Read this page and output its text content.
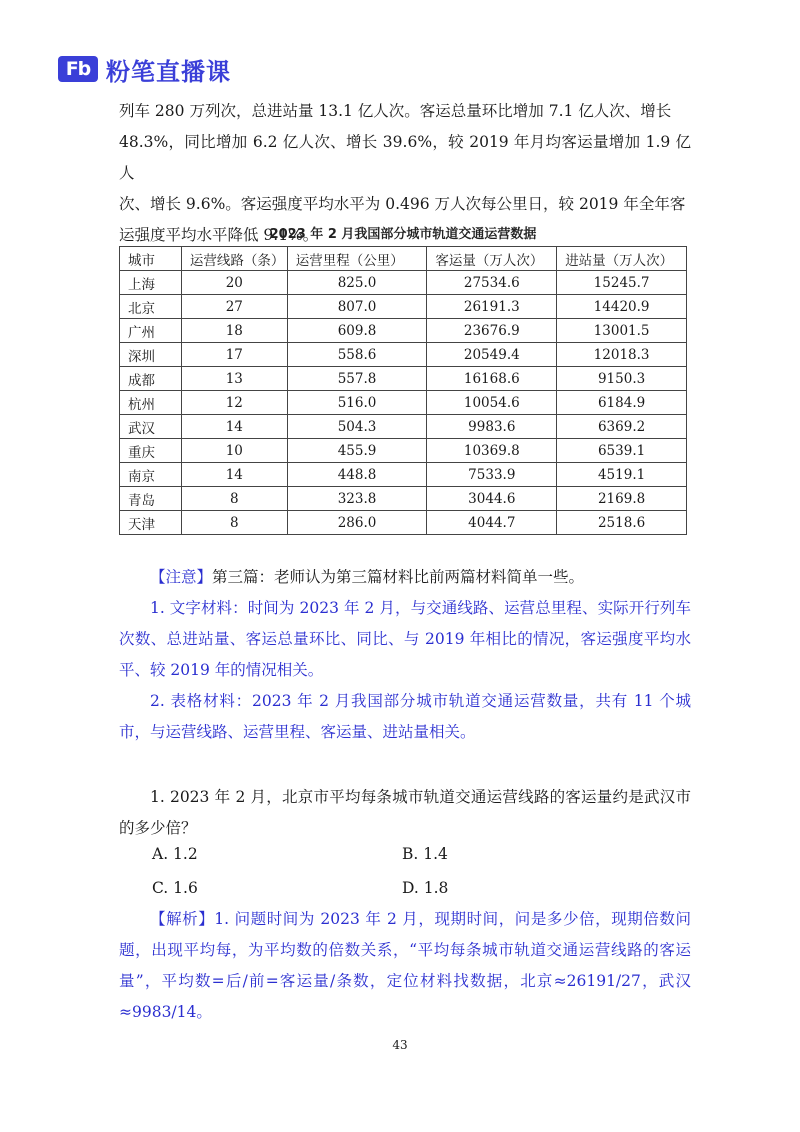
Fb 粉笔直播课

列车 280 万列次，总进站量 13.1 亿人次。客运总量环比增加 7.1 亿人次、增长

48.3%，同比增加 6.2 亿人次、增长 39.6%，较 2019 年月均客运量增加 1.9 亿人

次、增长 9.6%。客运强度平均水平为 0.496 万人次每公里日，较 2019 年全年客

运强度平均水平降低 9.1%。

2023 年 2 月我国部分城市轨道交通运营数据
城市	运营线路（条）	运营里程（公里）	客运量（万人次）	进站量（万人次）
上海	20	825.0	27534.6	15245.7
北京	27	807.0	26191.3	14420.9
广州	18	609.8	23676.9	13001.5
深圳	17	558.6	20549.4	12018.3
成都	13	557.8	16168.6	9150.3
杭州	12	516.0	10054.6	6184.9
武汉	14	504.3	9983.6	6369.2
重庆	10	455.9	10369.8	6539.1
南京	14	448.8	7533.9	4519.1
青岛	8	323.8	3044.6	2169.8
天津	8	286.0	4044.7	2518.6

【注意】第三篇：老师认为第三篇材料比前两篇材料简单一些。

1. 文字材料：时间为 2023 年 2 月，与交通线路、运营总里程、实际开行列车次数、总进站量、客运总量环比、同比、与 2019 年相比的情况，客运强度平均水平、较 2019 年的情况相关。

2. 表格材料：2023 年 2 月我国部分城市轨道交通运营数量，共有 11 个城市，与运营线路、运营里程、客运量、进站量相关。

1. 2023 年 2 月，北京市平均每条城市轨道交通运营线路的客运量约是武汉市的多少倍？

A. 1.2	B. 1.4
C. 1.6	D. 1.8

【解析】1. 问题时间为 2023 年 2 月，现期时间，问是多少倍，现期倍数问题，出现平均每，为平均数的倍数关系，“平均每条城市轨道交通运营线路的客运量”，平均数=后/前=客运量/条数，定位材料找数据，北京≈26191/27，武汉≈9983/14。

43
